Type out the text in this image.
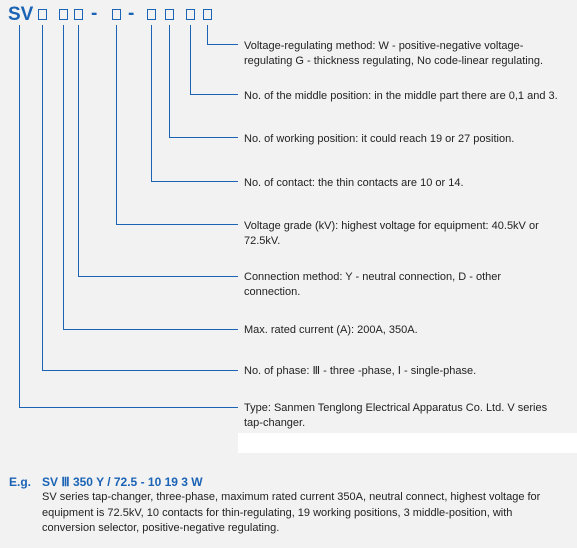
SV	- -
Voltage-regulating method: W - positive-negative voltage-regulating G - thickness regulating, No code-linear regulating.
No. of the middle position: in the middle part there are 0,1 and 3.
No. of working position: it could reach 19 or 27 position.
No. of contact: the thin contacts are 10 or 14.
Voltage grade (kV): highest voltage for equipment: 40.5kV or 72.5kV.
Connection method: Y - neutral connection, D - other connection.
Max. rated current (A): 200A, 350A.
No. of phase: Ⅲ - three -phase, Ⅰ - single-phase.
Type: Sanmen Tenglong Electrical Apparatus Co. Ltd. V series tap-changer.
E.g. SV Ⅲ 350 Y / 72.5 - 10 19 3 W
SV series tap-changer, three-phase, maximum rated current 350A, neutral connect, highest voltage for equipment is 72.5kV, 10 contacts for thin-regulating, 19 working positions, 3 middle-position, with conversion selector, positive-negative regulating.
